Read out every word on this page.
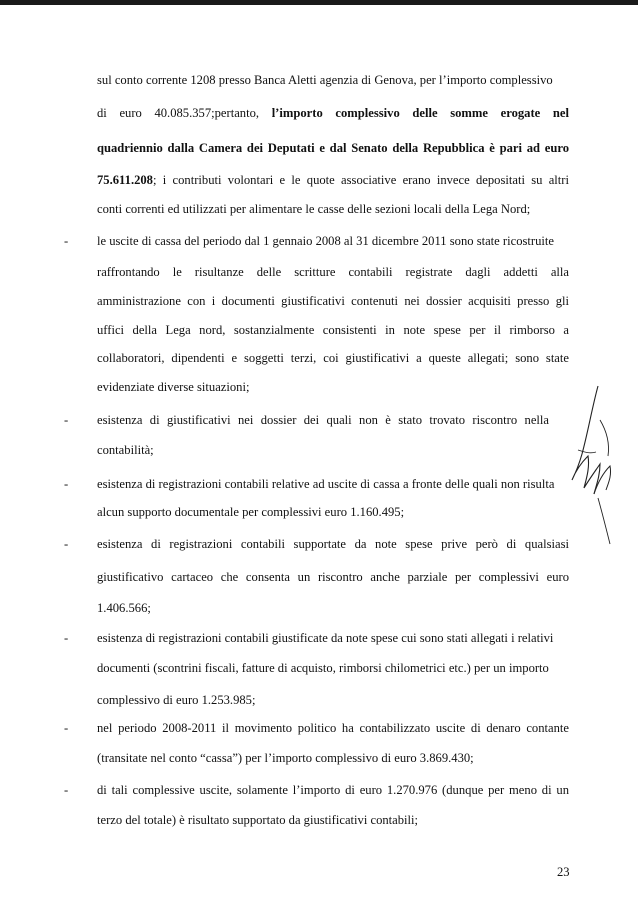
sul conto corrente 1208 presso Banca Aletti agenzia di Genova, per l’importo complessivo
di euro 40.085.357;pertanto, l’importo complessivo delle somme erogate nel
quadriennio dalla Camera dei Deputati e dal Senato della Repubblica è pari ad euro
75.611.208; i contributi volontari e le quote associative erano invece depositati su altri
conti correnti ed utilizzati per alimentare le casse delle sezioni locali della Lega Nord;
- le uscite di cassa del periodo dal 1 gennaio 2008 al 31 dicembre 2011 sono state ricostruite
raffrontando le risultanze delle scritture contabili registrate dagli addetti alla
amministrazione con i documenti giustificativi contenuti nei dossier acquisiti presso gli
uffici della Lega nord, sostanzialmente consistenti in note spese per il rimborso a
collaboratori, dipendenti e soggetti terzi, coi giustificativi a queste allegati; sono state
evidenziate diverse situazioni;
- esistenza di giustificativi nei dossier dei quali non è stato trovato riscontro nella
contabilità;
- esistenza di registrazioni contabili relative ad uscite di cassa a fronte delle quali non risulta
alcun supporto documentale per complessivi euro 1.160.495;
- esistenza di registrazioni contabili supportate da note spese prive però di qualsiasi
giustificativo cartaceo che consenta un riscontro anche parziale per complessivi euro
1.406.566;
- esistenza di registrazioni contabili giustificate da note spese cui sono stati allegati i relativi
documenti (scontrini fiscali, fatture di acquisto, rimborsi chilometrici etc.) per un importo
complessivo di euro 1.253.985;
- nel periodo 2008-2011 il movimento politico ha contabilizzato uscite di denaro contante
(transitate nel conto “cassa”) per l’importo complessivo di euro 3.869.430;
- di tali complessive uscite, solamente l’importo di euro 1.270.976 (dunque per meno di un
terzo del totale) è risultato supportato da giustificativi contabili;
23
